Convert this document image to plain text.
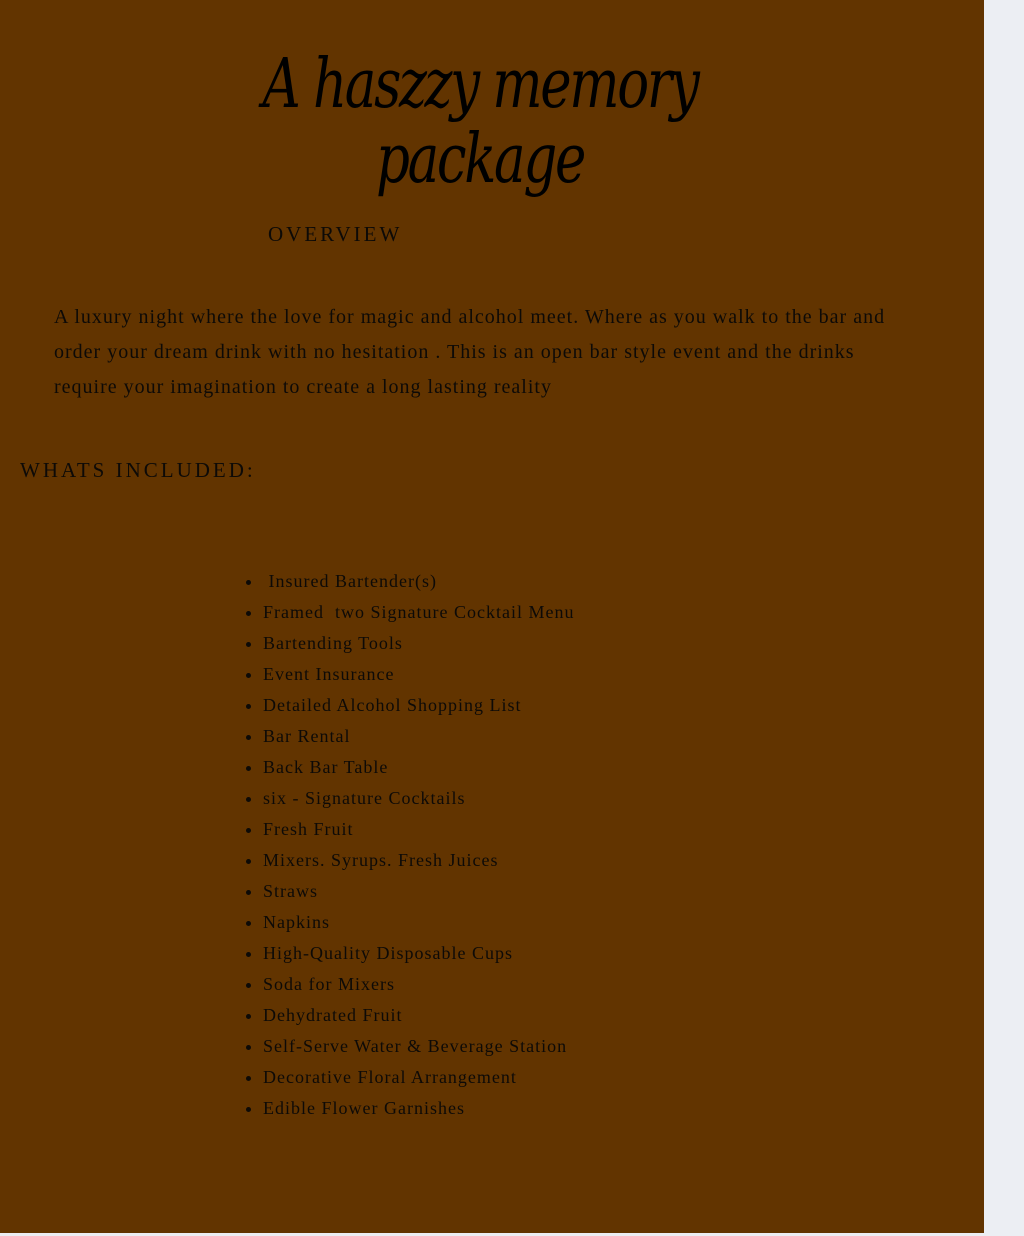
A haszzy memory package
OVERVIEW

A luxury night where the love for magic and alcohol meet. Where as you walk to the bar and order your dream drink with no hesitation . This is an open bar style event and the drinks require your imagination to create a long lasting reality

WHATS INCLUDED:
•  Insured Bartender(s)
• Framed  two Signature Cocktail Menu
• Bartending Tools
• Event Insurance
• Detailed Alcohol Shopping List
• Bar Rental
• Back Bar Table
• six - Signature Cocktails
• Fresh Fruit
• Mixers. Syrups. Fresh Juices
• Straws
• Napkins
• High-Quality Disposable Cups
• Soda for Mixers
• Dehydrated Fruit
• Self-Serve Water & Beverage Station
• Decorative Floral Arrangement
• Edible Flower Garnishes
